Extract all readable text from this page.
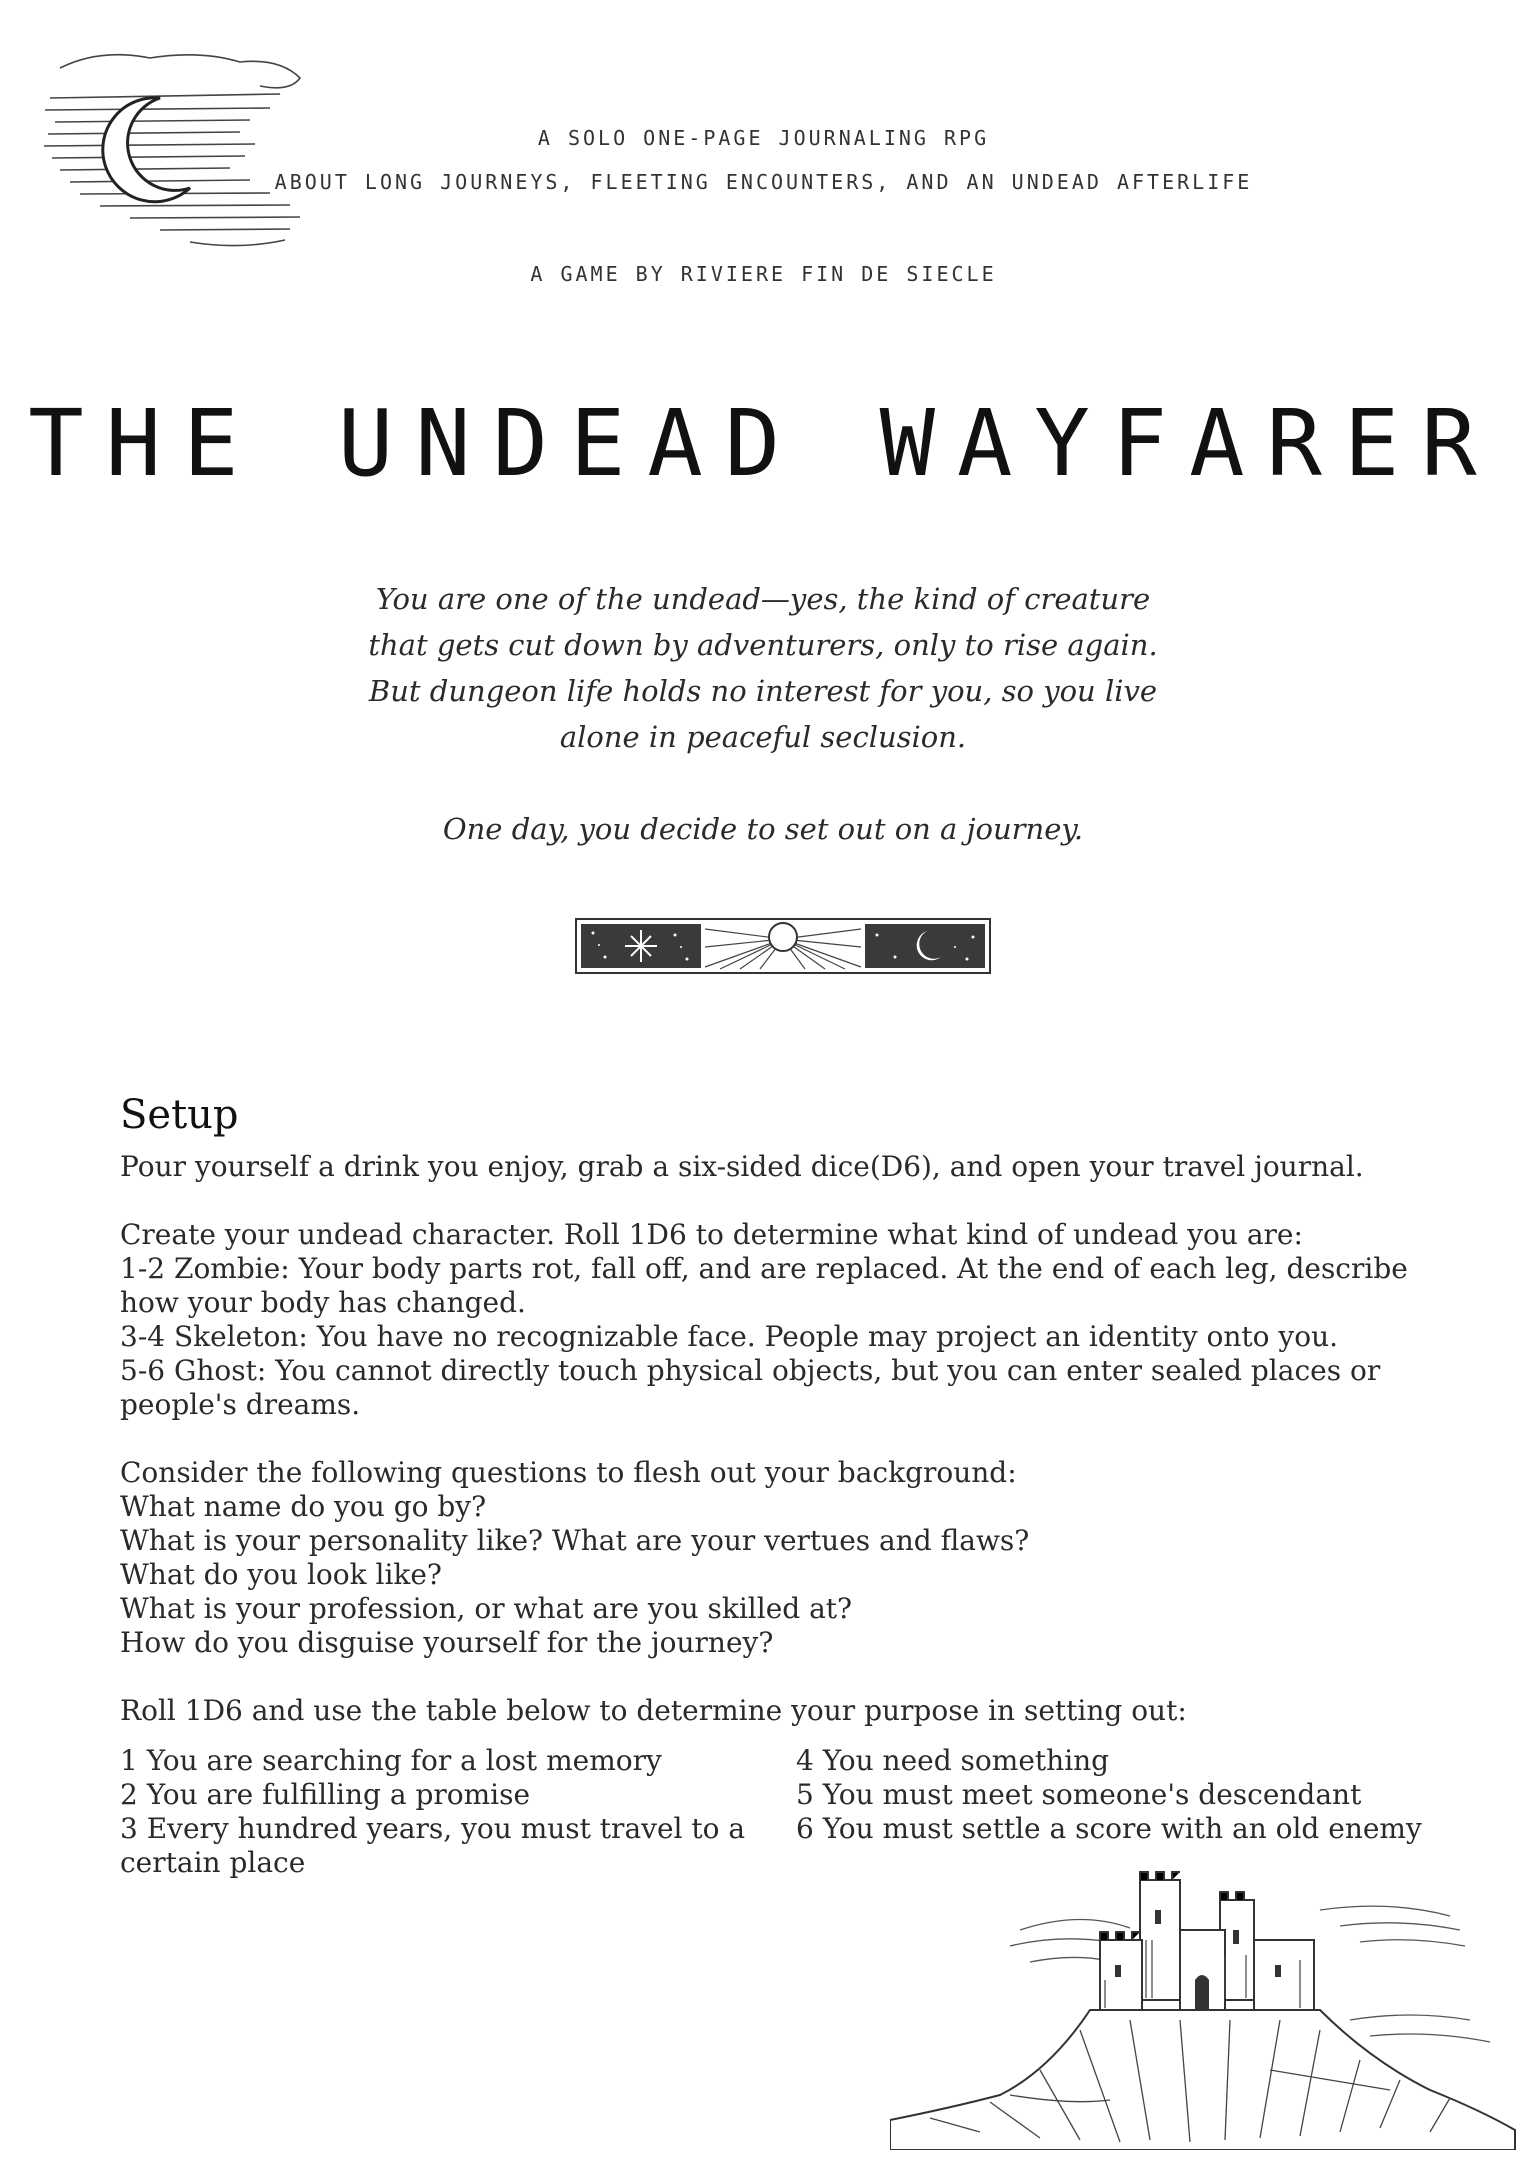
A SOLO ONE-PAGE JOURNALING RPG
ABOUT LONG JOURNEYS, FLEETING ENCOUNTERS, AND AN UNDEAD AFTERLIFE
A GAME BY RIVIERE FIN DE SIECLE
THE UNDEAD WAYFARER

You are one of the undead—yes, the kind of creature that gets cut down by adventurers, only to rise again. But dungeon life holds no interest for you, so you live alone in peaceful seclusion.

One day, you decide to set out on a journey.

Setup

Pour yourself a drink you enjoy, grab a six-sided dice(D6), and open your travel journal.

Create your undead character. Roll 1D6 to determine what kind of undead you are:

1-2 Zombie: Your body parts rot, fall off, and are replaced. At the end of each leg, describe how your body has changed.

3-4 Skeleton: You have no recognizable face. People may project an identity onto you.

5-6 Ghost: You cannot directly touch physical objects, but you can enter sealed places or people's dreams.

Consider the following questions to flesh out your background:

What name do you go by?

What is your personality like? What are your vertues and flaws?

What do you look like?

What is your profession, or what are you skilled at?

How do you disguise yourself for the journey?

Roll 1D6 and use the table below to determine your purpose in setting out:

1 You are searching for a lost memory

2 You are fulfilling a promise

3 Every hundred years, you must travel to a certain place

4 You need something

5 You must meet someone's descendant

6 You must settle a score with an old enemy
